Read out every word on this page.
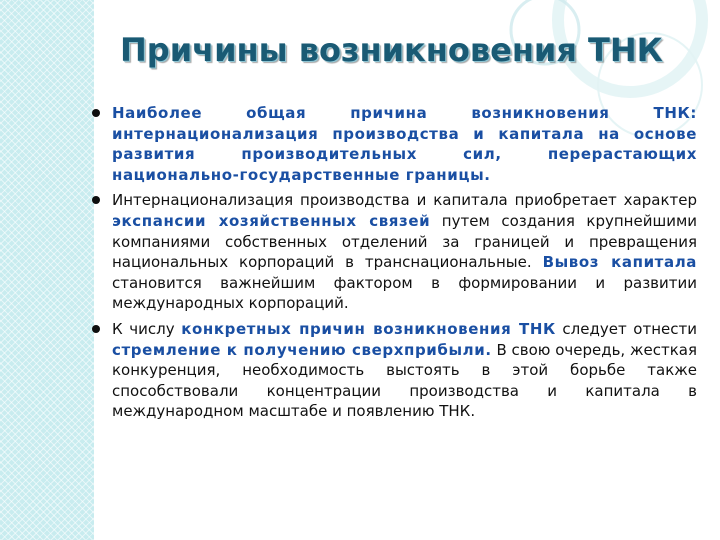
Причины возникновения ТНК
Наиболее общая причина возникновения ТНК: интернационализация производства и капитала на основе развития производительных сил, перерастающих национально-государственные границы.
Интернационализация производства и капитала приобретает характер экспансии хозяйственных связей путем создания крупнейшими компаниями собственных отделений за границей и превращения национальных корпораций в транснациональные. Вывоз капитала становится важнейшим фактором в формировании и развитии международных корпораций.
К числу конкретных причин возникновения ТНК следует отнести стремление к получению сверхприбыли. В свою очередь, жесткая конкуренция, необходимость выстоять в этой борьбе также способствовали концентрации производства и капитала в международном масштабе и появлению ТНК.
